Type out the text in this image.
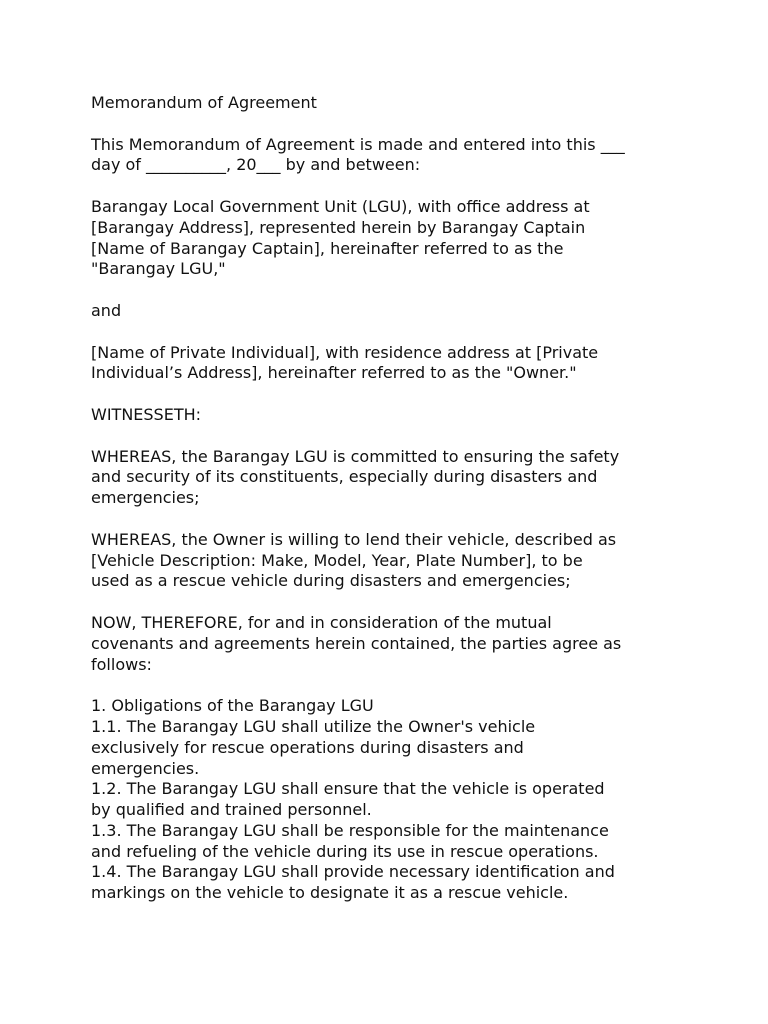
Memorandum of Agreement

This Memorandum of Agreement is made and entered into this ___
day of __________, 20___ by and between:

Barangay Local Government Unit (LGU), with office address at
[Barangay Address], represented herein by Barangay Captain
[Name of Barangay Captain], hereinafter referred to as the
"Barangay LGU,"

and

[Name of Private Individual], with residence address at [Private
Individual’s Address], hereinafter referred to as the "Owner."

WITNESSETH:

WHEREAS, the Barangay LGU is committed to ensuring the safety
and security of its constituents, especially during disasters and
emergencies;

WHEREAS, the Owner is willing to lend their vehicle, described as
[Vehicle Description: Make, Model, Year, Plate Number], to be
used as a rescue vehicle during disasters and emergencies;

NOW, THEREFORE, for and in consideration of the mutual
covenants and agreements herein contained, the parties agree as
follows:

1. Obligations of the Barangay LGU
1.1. The Barangay LGU shall utilize the Owner's vehicle
exclusively for rescue operations during disasters and
emergencies.
1.2. The Barangay LGU shall ensure that the vehicle is operated
by qualified and trained personnel.
1.3. The Barangay LGU shall be responsible for the maintenance
and refueling of the vehicle during its use in rescue operations.
1.4. The Barangay LGU shall provide necessary identification and
markings on the vehicle to designate it as a rescue vehicle.
